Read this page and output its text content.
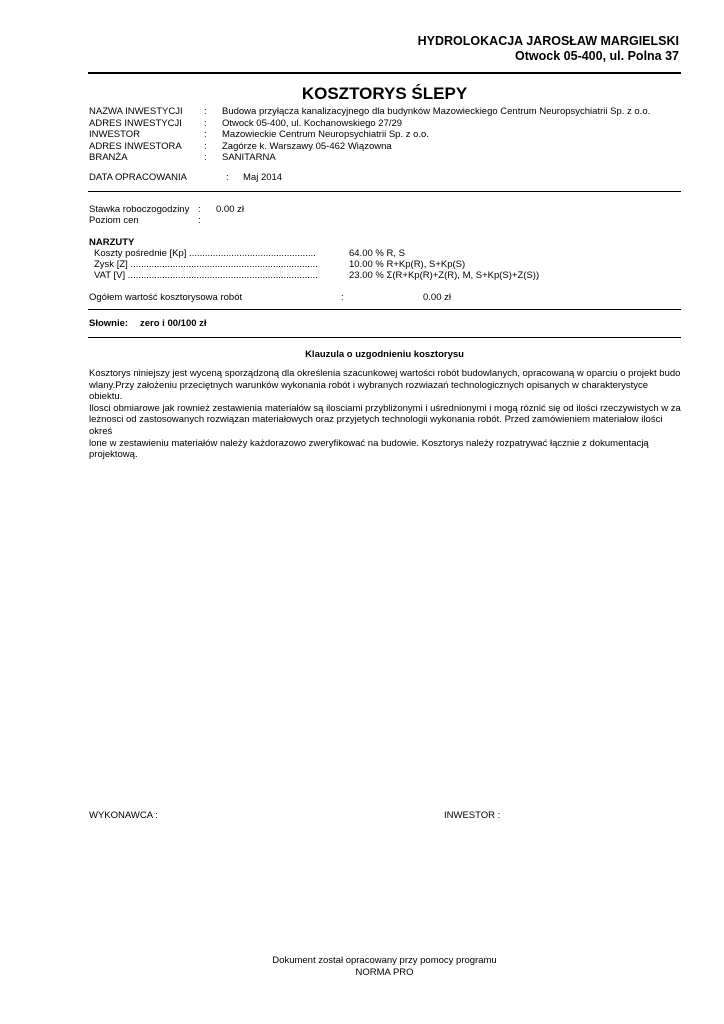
HYDROLOKACJA JAROSŁAW MARGIELSKI
Otwock 05-400, ul. Polna 37
KOSZTORYS ŚLEPY
NAZWA INWESTYCJI : Budowa przyłącza kanalizacyjnego dla budynków Mazowieckiego Centrum Neuropsychiatrii Sp. z o.o.
ADRES INWESTYCJI : Otwock 05-400, ul. Kochanowskiego 27/29
INWESTOR	: Mazowieckie Centrum Neuropsychiatrii Sp. z o.o.
ADRES INWESTORA : Zagórze k. Warszawy 05-462 Wiązowna
BRANŻA	: SANITARNA
DATA OPRACOWANIA	: Maj 2014
Stawka roboczogodziny : 0.00 zł
Poziom cen	:
NARZUTY
Koszty pośrednie [Kp] ................................................	64.00 % R, S
Zysk [Z] .......................................................................	10.00 % R+Kp(R), S+Kp(S)
VAT [V] ........................................................................	23.00 % Σ(R+Kp(R)+Z(R), M, S+Kp(S)+Z(S))
Ogółem wartość kosztorysowa robót	:	0.00 zł
Słownie: zero i 00/100 zł
Klauzula o uzgodnieniu kosztorysu
Kosztorys niniejszy jest wyceną sporządzoną dla określenia szacunkowej wartości robót budowlanych, opracowaną w oparciu o projekt budo
wlany.Przy założeniu przeciętnych warunków wykonania robót i wybranych rozwiazań technologicznych opisanych w charakterystyce obiektu.
Ilosci obmiarowe jak rownież zestawienia materiałów są ilosciami przybliżonymi i uśrednionymi i mogą róznić się od ilości rzeczywistych w za
leżnosci od zastosowanych rozwiązan materiałowych oraz przyjetych technologii wykonania robót. Przed zamówieniem materiałow ilości okreś
lone w zestawieniu materiałów należy każdorazowo zweryfikować na budowie. Kosztorys należy rozpatrywać łącznie z dokumentacją
projektową.
WYKONAWCA :	INWESTOR :
Dokument został opracowany przy pomocy programu
NORMA PRO
